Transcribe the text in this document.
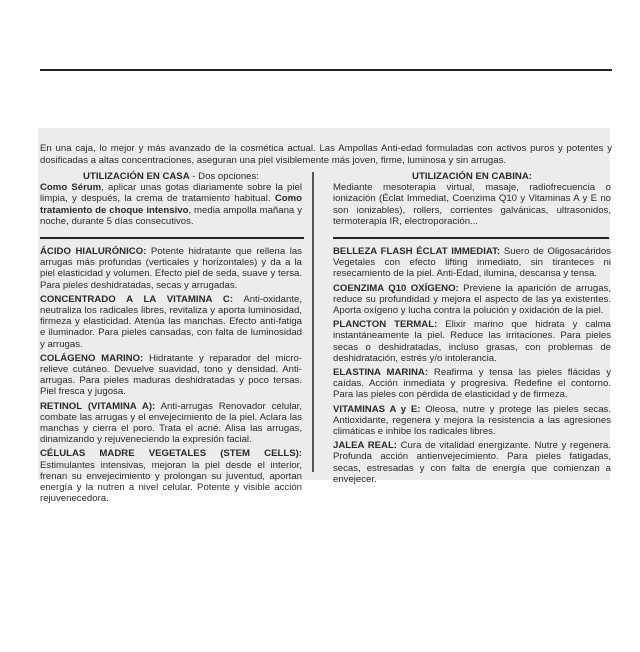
En una caja, lo mejor y más avanzado de la cosmética actual. Las Ampollas Anti-edad formuladas con activos puros y potentes y dosificadas a altas concentraciones, aseguran una piel visiblemente más joven, firme, luminosa y sin arrugas.
UTILIZACIÓN EN CASA - Dos opciones:
Como Sérum, aplicar unas gotas diariamente sobre la piel limpia, y después, la crema de tratamiento habitual. Como tratamiento de choque intensivo, media ampolla mañana y noche, durante 5 días consecutivos.
UTILIZACIÓN EN CABINA:
Mediante mesoterapia virtual, masaje, radiofrecuencia o ionización (Éclat Immediat, Coenzima Q10 y Vitaminas A y E no son ionizables), rollers, corrientes galvánicas, ultrasonidos, termoterapia IR, electroporación...

ÁCIDO HIALURÓNICO: Potente hidratante que rellena las arrugas más profundas (verticales y horizontales) y da a la piel elasticidad y volumen. Efecto piel de seda, suave y tersa. Para pieles deshidratadas, secas y arrugadas.

CONCENTRADO A LA VITAMINA C: Anti-oxidante, neutraliza los radicales libres, revitaliza y aporta luminosidad, firmeza y elasticidad. Atenúa las manchas. Efecto anti-fatiga e iluminador. Para pieles cansadas, con falta de luminosidad y arrugas.

COLÁGENO MARINO: Hidratante y reparador del micro-relieve cutáneo. Devuelve suavidad, tono y densidad. Anti-arrugas. Para pieles maduras deshidratadas y poco tersas. Piel fresca y jugosa.

RETINOL (VITAMINA A): Anti-arrugas Renovador celular, combate las arrugas y el envejecimiento de la piel. Aclara las manchas y cierra el poro. Trata el acné. Alisa las arrugas, dinamizando y rejuveneciendo la expresión facial.

CÉLULAS MADRE VEGETALES (STEM CELLS): Estimulantes intensivas, mejoran la piel desde el interior, frenan su envejecimiento y prolongan su juventud, aportan energía y la nutren a nivel celular. Potente y visible acción rejuvenecedora.

BELLEZA FLASH ÉCLAT IMMEDIAT: Suero de Oligosacáridos Vegetales con efecto lifting inmediato, sin tiranteces ni resecamiento de la piel. Anti-Edad, ilumina, descansa y tensa.

COENZIMA Q10 OXÍGENO: Previene la aparición de arrugas, reduce su profundidad y mejora el aspecto de las ya existentes. Aporta oxígeno y lucha contra la polución y oxidación de la piel.

PLANCTON TERMAL: Elixir marino que hidrata y calma instantáneamente la piel. Reduce las irritaciones. Para pieles secas o deshidratadas, incluso grasas, con problemas de deshidratación, estrés y/o intolerancia.

ELASTINA MARINA: Reafirma y tensa las pieles flácidas y caídas. Acción inmediata y progresiva. Redefine el contorno. Para las pieles con pérdida de elasticidad y de firmeza.

VITAMINAS A y E: Oleosa, nutre y protege las pieles secas. Antioxidante, regenera y mejora la resistencia a las agresiones climáticas e inhibe los radicales libres.

JALEA REAL: Cura de vitalidad energizante. Nutre y regenera. Profunda acción antienvejecimiento. Para pieles fatigadas, secas, estresadas y con falta de energía que comienzan a envejecer.
